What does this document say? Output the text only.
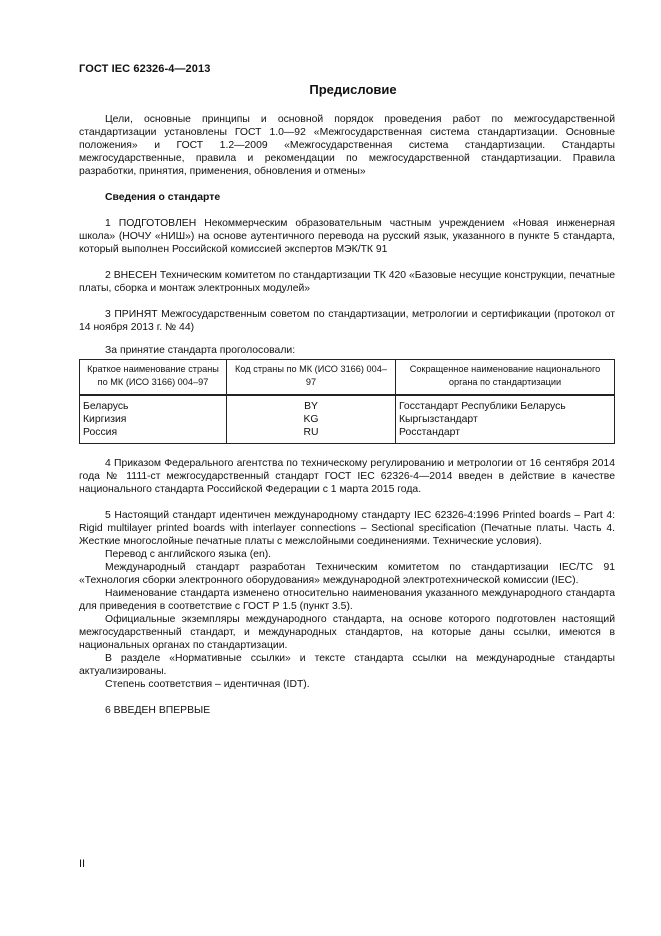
ГОСТ IEC 62326-4—2013
Предисловие

Цели, основные принципы и основной порядок проведения работ по межгосударственной стандартизации установлены ГОСТ 1.0—92 «Межгосударственная система стандартизации. Основные положения» и ГОСТ 1.2—2009 «Межгосударственная система стандартизации. Стандарты межгосударственные, правила и рекомендации по межгосударственной стандартизации. Правила разработки, принятия, применения, обновления и отмены»

Сведения о стандарте

1 ПОДГОТОВЛЕН Некоммерческим образовательным частным учреждением «Новая инженерная школа» (НОЧУ «НИШ») на основе аутентичного перевода на русский язык, указанного в пункте 5 стандарта, который выполнен Российской комиссией экспертов МЭК/ТК 91

2 ВНЕСЕН Техническим комитетом по стандартизации ТК 420 «Базовые несущие конструкции, печатные платы, сборка и монтаж электронных модулей»

3 ПРИНЯТ Межгосударственным советом по стандартизации, метрологии и сертификации (протокол от 14 ноября 2013 г. № 44)

За принятие стандарта проголосовали:

Краткое наименование страны по МК (ИСО 3166) 004–97	Код страны по МК (ИСО 3166) 004–97	Сокращенное наименование национального органа по стандартизации
Беларусь	BY	Госстандарт Республики Беларусь
Киргизия	KG	Кыргызстандарт
Россия	RU	Росстандарт

4 Приказом Федерального агентства по техническому регулированию и метрологии от 16 сентября 2014 года № 1111-ст межгосударственный стандарт ГОСТ IEC 62326-4—2014 введен в действие в качестве национального стандарта Российской Федерации с 1 марта 2015 года.

5 Настоящий стандарт идентичен международному стандарту IEC 62326-4:1996 Printed boards – Part 4: Rigid multilayer printed boards with interlayer connections – Sectional specification (Печатные платы. Часть 4. Жесткие многослойные печатные платы с межслойными соединениями. Технические условия).

Перевод с английского языка (en).

Международный стандарт разработан Техническим комитетом по стандартизации IEC/TC 91 «Технология сборки электронного оборудования» международной электротехнической комиссии (IEC).

Наименование стандарта изменено относительно наименования указанного международного стандарта для приведения в соответствие с ГОСТ Р 1.5 (пункт 3.5).

Официальные экземпляры международного стандарта, на основе которого подготовлен настоящий межгосударственный стандарт, и международных стандартов, на которые даны ссылки, имеются в национальных органах по стандартизации.

В разделе «Нормативные ссылки» и тексте стандарта ссылки на международные стандарты актуализированы.

Степень соответствия – идентичная (IDT).

6 ВВЕДЕН ВПЕРВЫЕ

II
